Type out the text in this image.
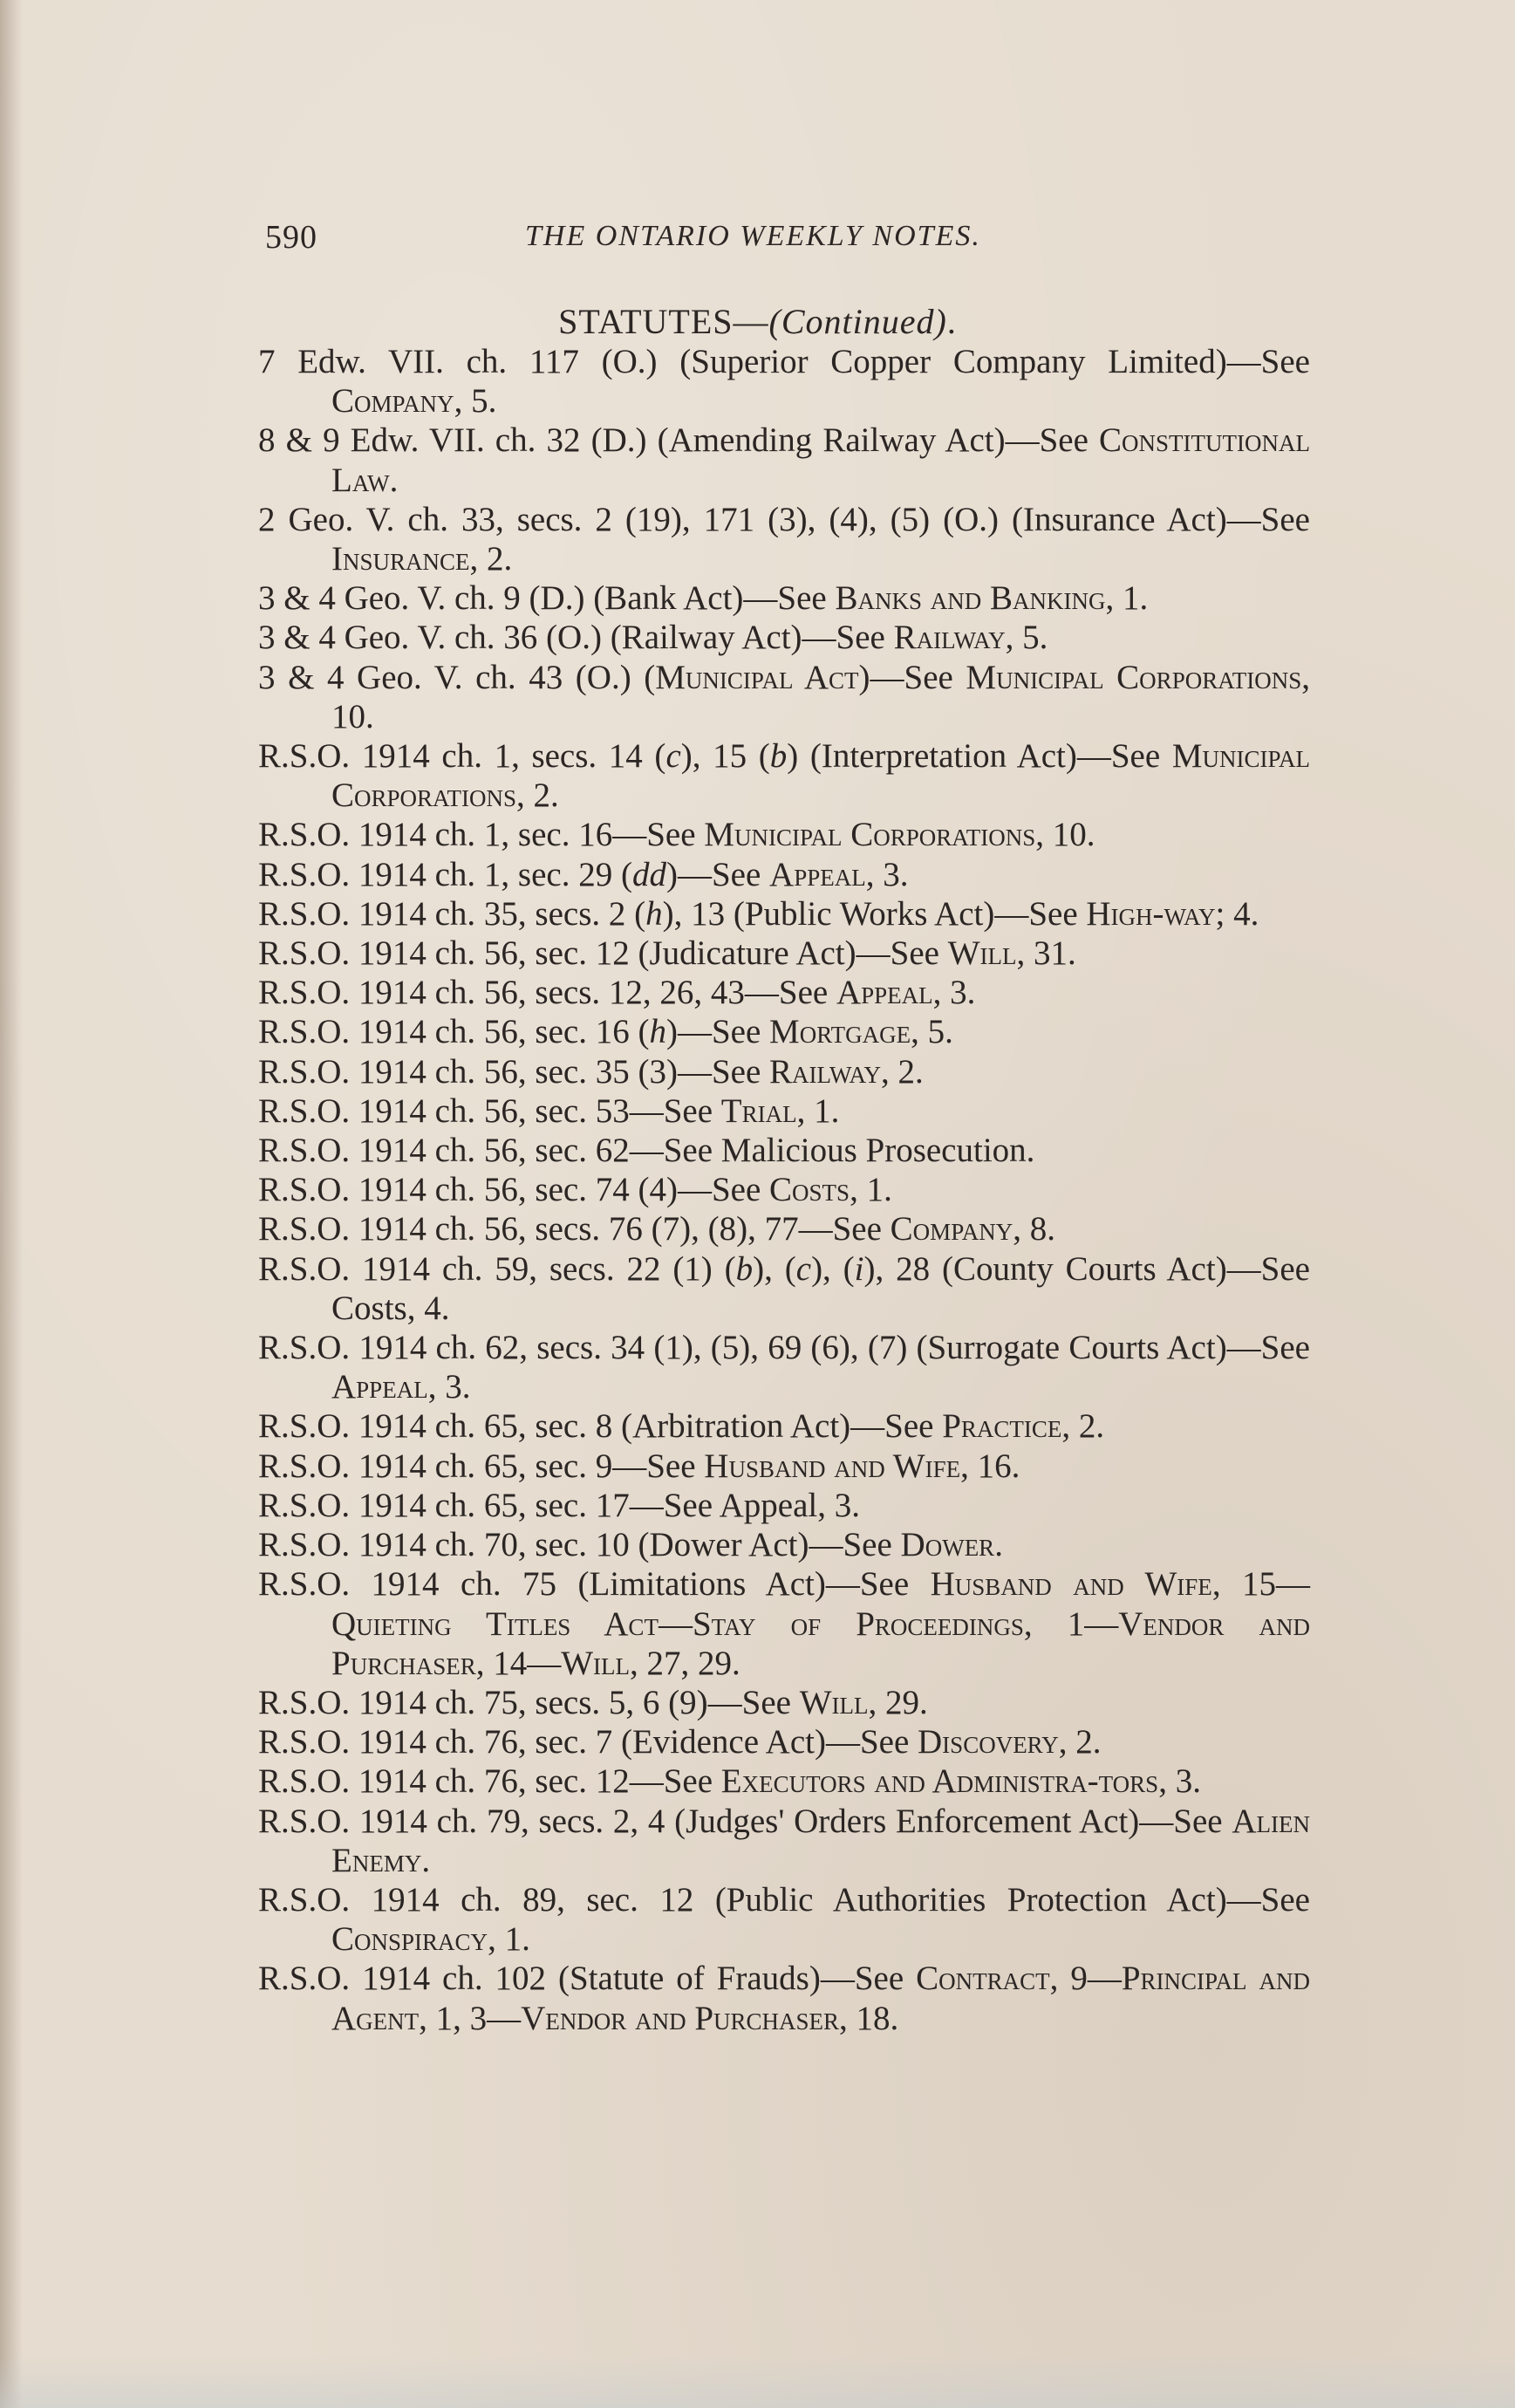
590	THE ONTARIO WEEKLY NOTES.
STATUTES—(Continued).
7 Edw. VII. ch. 117 (O.) (Superior Copper Company Limited)—See Company, 5.
8 & 9 Edw. VII. ch. 32 (D.) (Amending Railway Act)—See Constitutional Law.
2 Geo. V. ch. 33, secs. 2 (19), 171 (3), (4), (5) (O.) (Insurance Act)—See Insurance, 2.
3 & 4 Geo. V. ch. 9 (D.) (Bank Act)—See Banks and Banking, 1.
3 & 4 Geo. V. ch. 36 (O.) (Railway Act)—See Railway, 5.
3 & 4 Geo. V. ch. 43 (O.) (Municipal Act)—See Municipal Corporations, 10.
R.S.O. 1914 ch. 1, secs. 14 (c), 15 (b) (Interpretation Act)—See Municipal Corporations, 2.
R.S.O. 1914 ch. 1, sec. 16—See Municipal Corporations, 10.
R.S.O. 1914 ch. 1, sec. 29 (dd)—See Appeal, 3.
R.S.O. 1914 ch. 35, secs. 2 (h), 13 (Public Works Act)—See High-way; 4.
R.S.O. 1914 ch. 56, sec. 12 (Judicature Act)—See Will, 31.
R.S.O. 1914 ch. 56, secs. 12, 26, 43—See Appeal, 3.
R.S.O. 1914 ch. 56, sec. 16 (h)—See Mortgage, 5.
R.S.O. 1914 ch. 56, sec. 35 (3)—See Railway, 2.
R.S.O. 1914 ch. 56, sec. 53—See Trial, 1.
R.S.O. 1914 ch. 56, sec. 62—See Malicious Prosecution.
R.S.O. 1914 ch. 56, sec. 74 (4)—See Costs, 1.
R.S.O. 1914 ch. 56, secs. 76 (7), (8), 77—See Company, 8.
R.S.O. 1914 ch. 59, secs. 22 (1) (b), (c), (i), 28 (County Courts Act)—See Costs, 4.
R.S.O. 1914 ch. 62, secs. 34 (1), (5), 69 (6), (7) (Surrogate Courts Act)—See Appeal, 3.
R.S.O. 1914 ch. 65, sec. 8 (Arbitration Act)—See Practice, 2.
R.S.O. 1914 ch. 65, sec. 9—See Husband and Wife, 16.
R.S.O. 1914 ch. 65, sec. 17—See Appeal, 3.
R.S.O. 1914 ch. 70, sec. 10 (Dower Act)—See Dower.
R.S.O. 1914 ch. 75 (Limitations Act)—See Husband and Wife, 15—Quieting Titles Act—Stay of Proceedings, 1—Vendor and Purchaser, 14—Will, 27, 29.
R.S.O. 1914 ch. 75, secs. 5, 6 (9)—See Will, 29.
R.S.O. 1914 ch. 76, sec. 7 (Evidence Act)—See Discovery, 2.
R.S.O. 1914 ch. 76, sec. 12—See Executors and Administra-tors, 3.
R.S.O. 1914 ch. 79, secs. 2, 4 (Judges' Orders Enforcement Act)—See Alien Enemy.
R.S.O. 1914 ch. 89, sec. 12 (Public Authorities Protection Act)—See Conspiracy, 1.
R.S.O. 1914 ch. 102 (Statute of Frauds)—See Contract, 9—Principal and Agent, 1, 3—Vendor and Purchaser, 18.
